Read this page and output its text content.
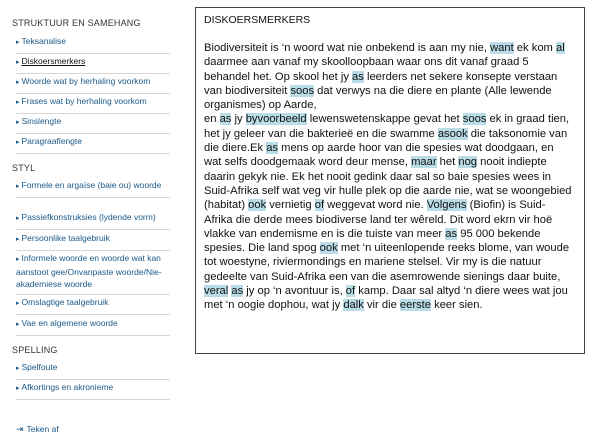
STRUKTUUR EN SAMEHANG
▸ Teksanalise
▸ Diskoersmerkers
▸ Woorde wat by herhaling voorkom
▸ Frases wat by herhaling voorkom
▸ Sinslengte
▸ Paragraaflengte
STYL
▸ Formele en argaïse (baie ou) woorde
▸ Passiefkonstruksies (lydende vorm)
▸ Persoonlike taalgebruik
▸ Informele woorde en woorde wat kan aanstoot gee/Onvanpaste woorde/Nie-akademiese woorde
▸ Omslagtige taalgebruik
▸ Vae en algemene woorde
SPELLING
▸ Spelfoute
▸ Afkortings en akronieme
⇥ Teken af
DISKOERSMERKERS
Biodiversiteit is ‘n woord wat nie onbekend is aan my nie, want ek kom al daarmee aan vanaf my skoolloopbaan waar ons dit vanaf graad 5 behandel het. Op skool het jy as leerders net sekere konsepte verstaan van biodiversiteit soos dat verwys na die diere en plante (Alle lewende organismes) op Aarde,
en as jy byvoorbeeld lewenswetenskappe gevat het soos ek in graad tien, het jy geleer van die bakterieë en die swamme asook die taksonomie van die diere.Ek as mens op aarde hoor van die spesies wat doodgaan, en wat selfs doodgemaak word deur mense, maar het nog nooit indiepte daarin gekyk nie. Ek het nooit gedink daar sal so baie spesies wees in Suid-Afrika self wat veg vir hulle plek op die aarde nie, wat se woongebied (habitat) ook vernietig of weggevat word nie. Volgens (Biofin) is Suid-Afrika die derde mees biodiverse land ter wêreld. Dit word ekrn vir hoë vlakke van endemisme en is die tuiste van meer as 95 000 bekende spesies. Die land spog ook met ‘n uiteenlopende reeks blome, van woude tot woestyne, riviermondings en mariene stelsel. Vir my is die natuur gedeelte van Suid-Afrika een van die asemrowende sienings daar buite, veral as jy op ‘n avontuur is, of kamp. Daar sal altyd ‘n diere wees wat jou met ‘n oogie dophou, wat jy dalk vir die eerste keer sien.
